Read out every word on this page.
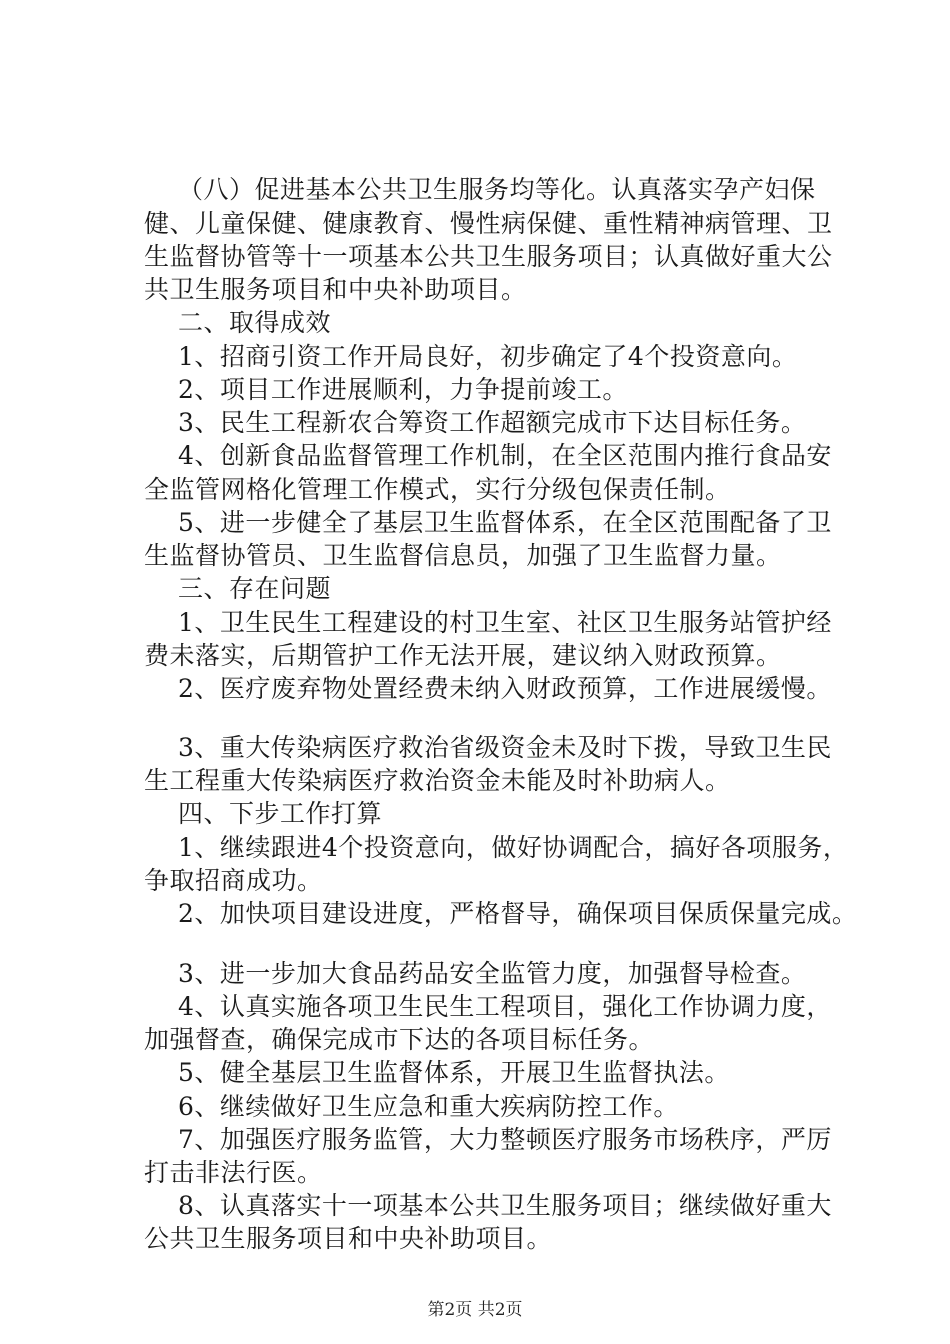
（八）促进基本公共卫生服务均等化。认真落实孕产妇保
健、儿童保健、健康教育、慢性病保健、重性精神病管理、卫
生监督协管等十一项基本公共卫生服务项目；认真做好重大公
共卫生服务项目和中央补助项目。
二、取得成效
1、招商引资工作开局良好，初步确定了4个投资意向。
2、项目工作进展顺利，力争提前竣工。
3、民生工程新农合筹资工作超额完成市下达目标任务。
4、创新食品监督管理工作机制，在全区范围内推行食品安
全监管网格化管理工作模式，实行分级包保责任制。
5、进一步健全了基层卫生监督体系，在全区范围配备了卫
生监督协管员、卫生监督信息员，加强了卫生监督力量。
三、存在问题
1、卫生民生工程建设的村卫生室、社区卫生服务站管护经
费未落实，后期管护工作无法开展，建议纳入财政预算。
2、医疗废弃物处置经费未纳入财政预算，工作进展缓慢。
3、重大传染病医疗救治省级资金未及时下拨，导致卫生民
生工程重大传染病医疗救治资金未能及时补助病人。
四、下步工作打算
1、继续跟进4个投资意向，做好协调配合，搞好各项服务，
争取招商成功。
2、加快项目建设进度，严格督导，确保项目保质保量完成。
3、进一步加大食品药品安全监管力度，加强督导检查。
4、认真实施各项卫生民生工程项目，强化工作协调力度，
加强督查，确保完成市下达的各项目标任务。
5、健全基层卫生监督体系，开展卫生监督执法。
6、继续做好卫生应急和重大疾病防控工作。
7、加强医疗服务监管，大力整顿医疗服务市场秩序，严厉
打击非法行医。
8、认真落实十一项基本公共卫生服务项目；继续做好重大
公共卫生服务项目和中央补助项目。
第2页 共2页
